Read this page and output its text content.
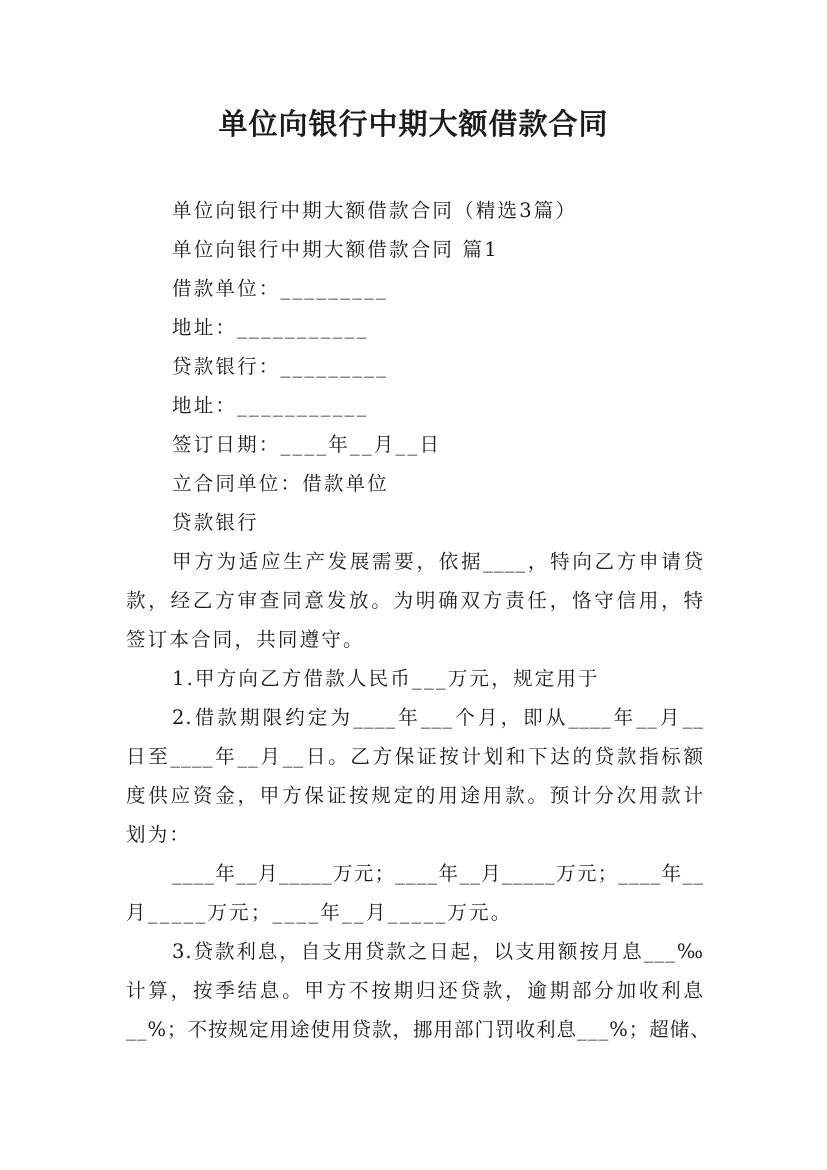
单位向银行中期大额借款合同
单位向银行中期大额借款合同（精选3篇）
单位向银行中期大额借款合同 篇1
借款单位：_________
地址：___________
贷款银行：_________
地址：___________
签订日期：____年__月__日
立合同单位：借款单位
贷款银行
甲方为适应生产发展需要，依据____，特向乙方申请贷
款，经乙方审查同意发放。为明确双方责任，恪守信用，特
签订本合同，共同遵守。
1.甲方向乙方借款人民币___万元，规定用于
2.借款期限约定为____年___个月，即从____年__月__
日至____年__月__日。乙方保证按计划和下达的贷款指标额
度供应资金，甲方保证按规定的用途用款。预计分次用款计
划为：
____年__月_____万元；____年__月_____万元；____年__
月_____万元；____年__月_____万元。
3.贷款利息，自支用贷款之日起，以支用额按月息___‰
计算，按季结息。甲方不按期归还贷款，逾期部分加收利息
__%；不按规定用途使用贷款，挪用部门罚收利息___%；超储、
